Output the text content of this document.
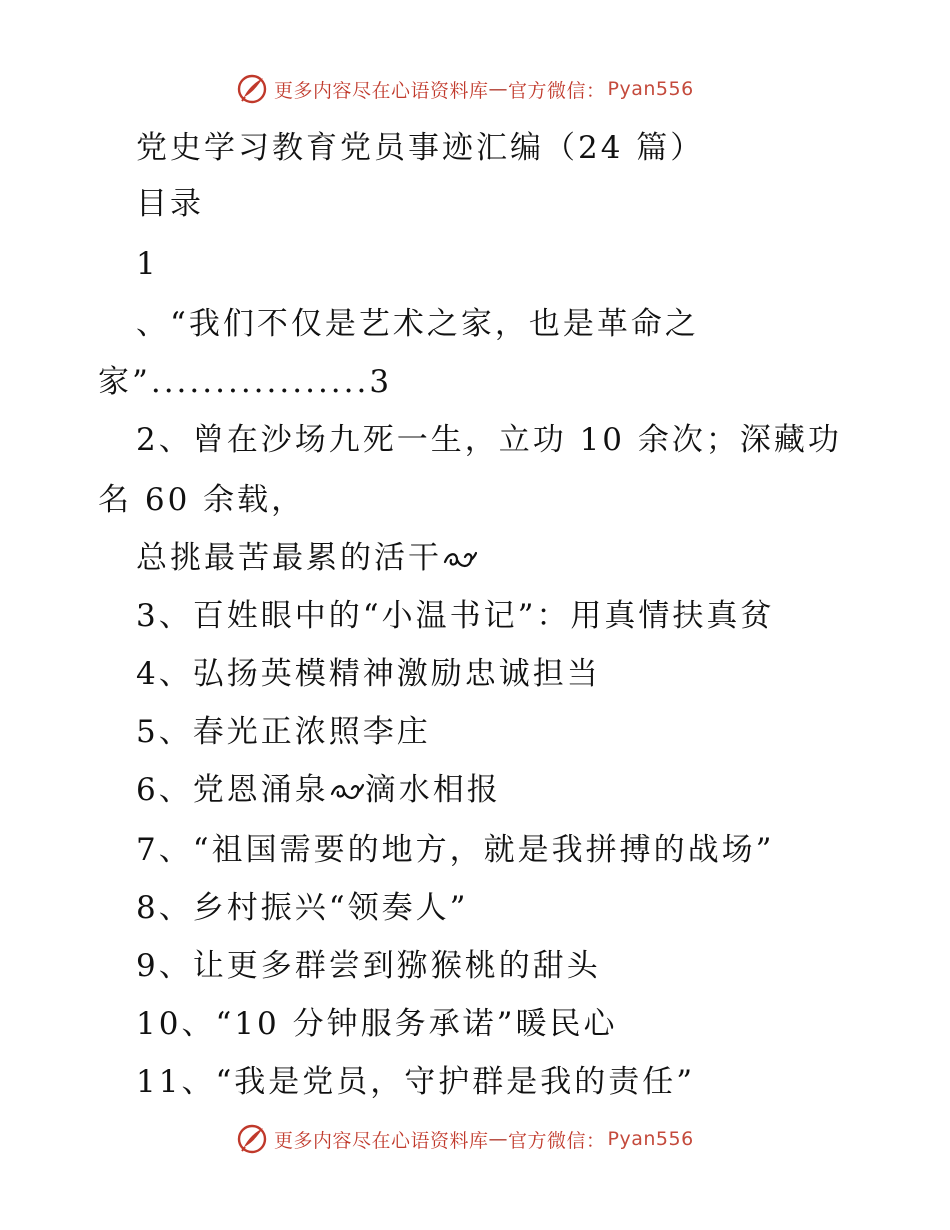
更多内容尽在心语资料库 — 官方微信： Pyan556
党史学习教育党员事迹汇编（24 篇）
目录
1
、“我们不仅是艺术之家，也是革命之
家”.................3
2、曾在沙场九死一生，立功 10 余次；深藏功
名 60 余载，
总挑最苦最累的活干
3、百姓眼中的“小温书记”：用真情扶真贫
4、弘扬英模精神激励忠诚担当
5、春光正浓照李庄
6、党恩涌泉 滴水相报
7、“祖国需要的地方，就是我拼搏的战场”
8、乡村振兴“领奏人”
9、让更多群尝到猕猴桃的甜头
10、“10 分钟服务承诺”暖民心
11、“我是党员，守护群是我的责任”
更多内容尽在心语资料库 — 官方微信： Pyan556
